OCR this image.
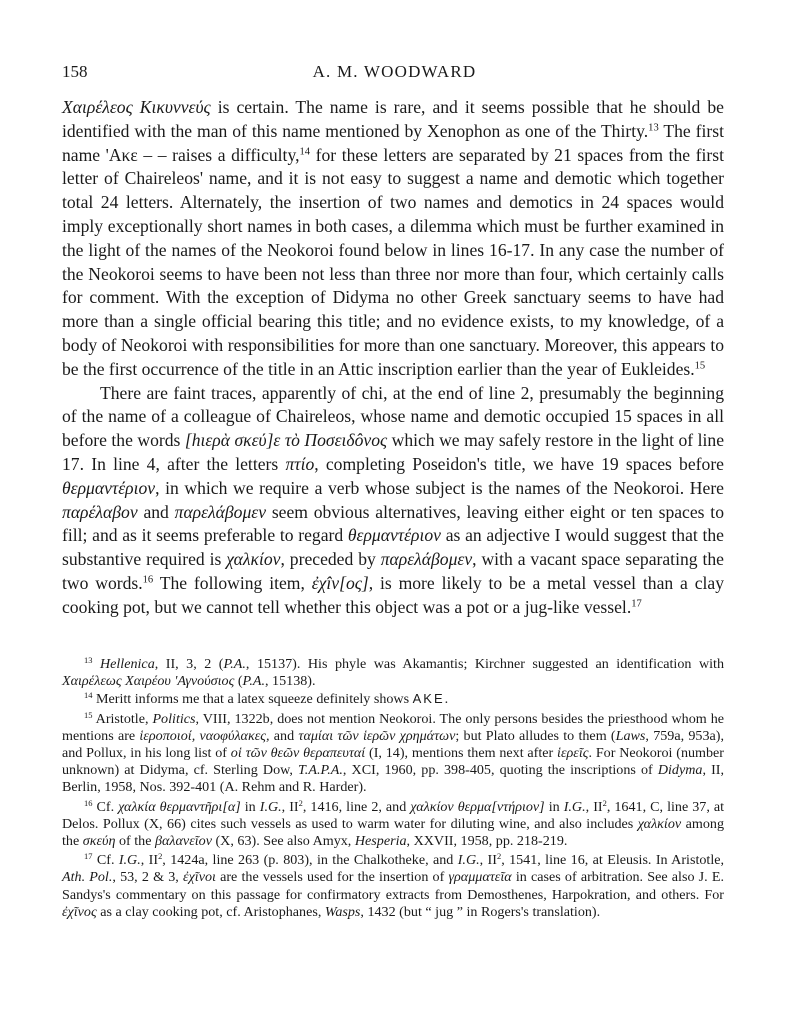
158	A. M. WOODWARD

Χαιρέλεος Κικυννεύς is certain. The name is rare, and it seems possible that he should be identified with the man of this name mentioned by Xenophon as one of the Thirty.$^{13}$ The first name 'Ακε – – raises a difficulty,$^{14}$ for these letters are separated by 21 spaces from the first letter of Chaireleos' name, and it is not easy to suggest a name and demotic which together total 24 letters. Alternately, the insertion of two names and demotics in 24 spaces would imply exceptionally short names in both cases, a dilemma which must be further examined in the light of the names of the Neokoroi found below in lines 16-17. In any case the number of the Neokoroi seems to have been not less than three nor more than four, which certainly calls for comment. With the exception of Didyma no other Greek sanctuary seems to have had more than a single official bearing this title; and no evidence exists, to my knowledge, of a body of Neokoroi with responsibilities for more than one sanctuary. Moreover, this appears to be the first occurrence of the title in an Attic inscription earlier than the year of Eukleides.$^{15}$

There are faint traces, apparently of chi, at the end of line 2, presumably the beginning of the name of a colleague of Chaireleos, whose name and demotic occupied 15 spaces in all before the words [hιερὰ σκεύ]ε τὸ Ποσειδôνος which we may safely restore in the light of line 17. In line 4, after the letters πτίο, completing Poseidon's title, we have 19 spaces before θερμαντέριον, in which we require a verb whose subject is the names of the Neokoroi. Here παρέλαβον and παρελάβομεν seem obvious alternatives, leaving either eight or ten spaces to fill; and as it seems preferable to regard θερμαντέριον as an adjective I would suggest that the substantive required is χαλκίον, preceded by παρελάβομεν, with a vacant space separating the two words.$^{16}$ The following item, ἐχîν[ος], is more likely to be a metal vessel than a clay cooking pot, but we cannot tell whether this object was a pot or a jug-like vessel.$^{17}$

$^{13}$ Hellenica, II, 3, 2 (P.A., 15137). His phyle was Akamantis; Kirchner suggested an identification with Χαιρέλεως Χαιρέου 'Αγνούσιος (P.A., 15138).

$^{14}$ Meritt informs me that a latex squeeze definitely shows AKE.

$^{15}$ Aristotle, Politics, VIII, 1322b, does not mention Neokoroi. The only persons besides the priesthood whom he mentions are ἱεροποιοί, ναοφύλακες, and ταμίαι τῶν ἱερῶν χρημάτων; but Plato alludes to them (Laws, 759a, 953a), and Pollux, in his long list of οἱ τῶν θεῶν θεραπευταί (I, 14), mentions them next after ἱερεῖς. For Neokoroi (number unknown) at Didyma, cf. Sterling Dow, T.A.P.A., XCI, 1960, pp. 398-405, quoting the inscriptions of Didyma, II, Berlin, 1958, Nos. 392-401 (A. Rehm and R. Harder).

$^{16}$ Cf. χαλκία θερμαντῆρι[α] in I.G., $II^2$, 1416, line 2, and χαλκίον θερμα[ντήριον] in I.G., $II^2$, 1641, C, line 37, at Delos. Pollux (X, 66) cites such vessels as used to warm water for diluting wine, and also includes χαλκίον among the σκεύη of the βαλανεῖον (X, 63). See also Amyx, Hesperia, XXVII, 1958, pp. 218-219.

$^{17}$ Cf. I.G., $II^2$, 1424a, line 263 (p. 803), in the Chalkotheke, and I.G., $II^2$, 1541, line 16, at Eleusis. In Aristotle, Ath. Pol., 53, 2 & 3, ἐχῖνοι are the vessels used for the insertion of γραμματεῖα in cases of arbitration. See also J. E. Sandys's commentary on this passage for confirmatory extracts from Demosthenes, Harpokration, and others. For ἐχῖνος as a clay cooking pot, cf. Aristophanes, Wasps, 1432 (but “ jug ” in Rogers's translation).
